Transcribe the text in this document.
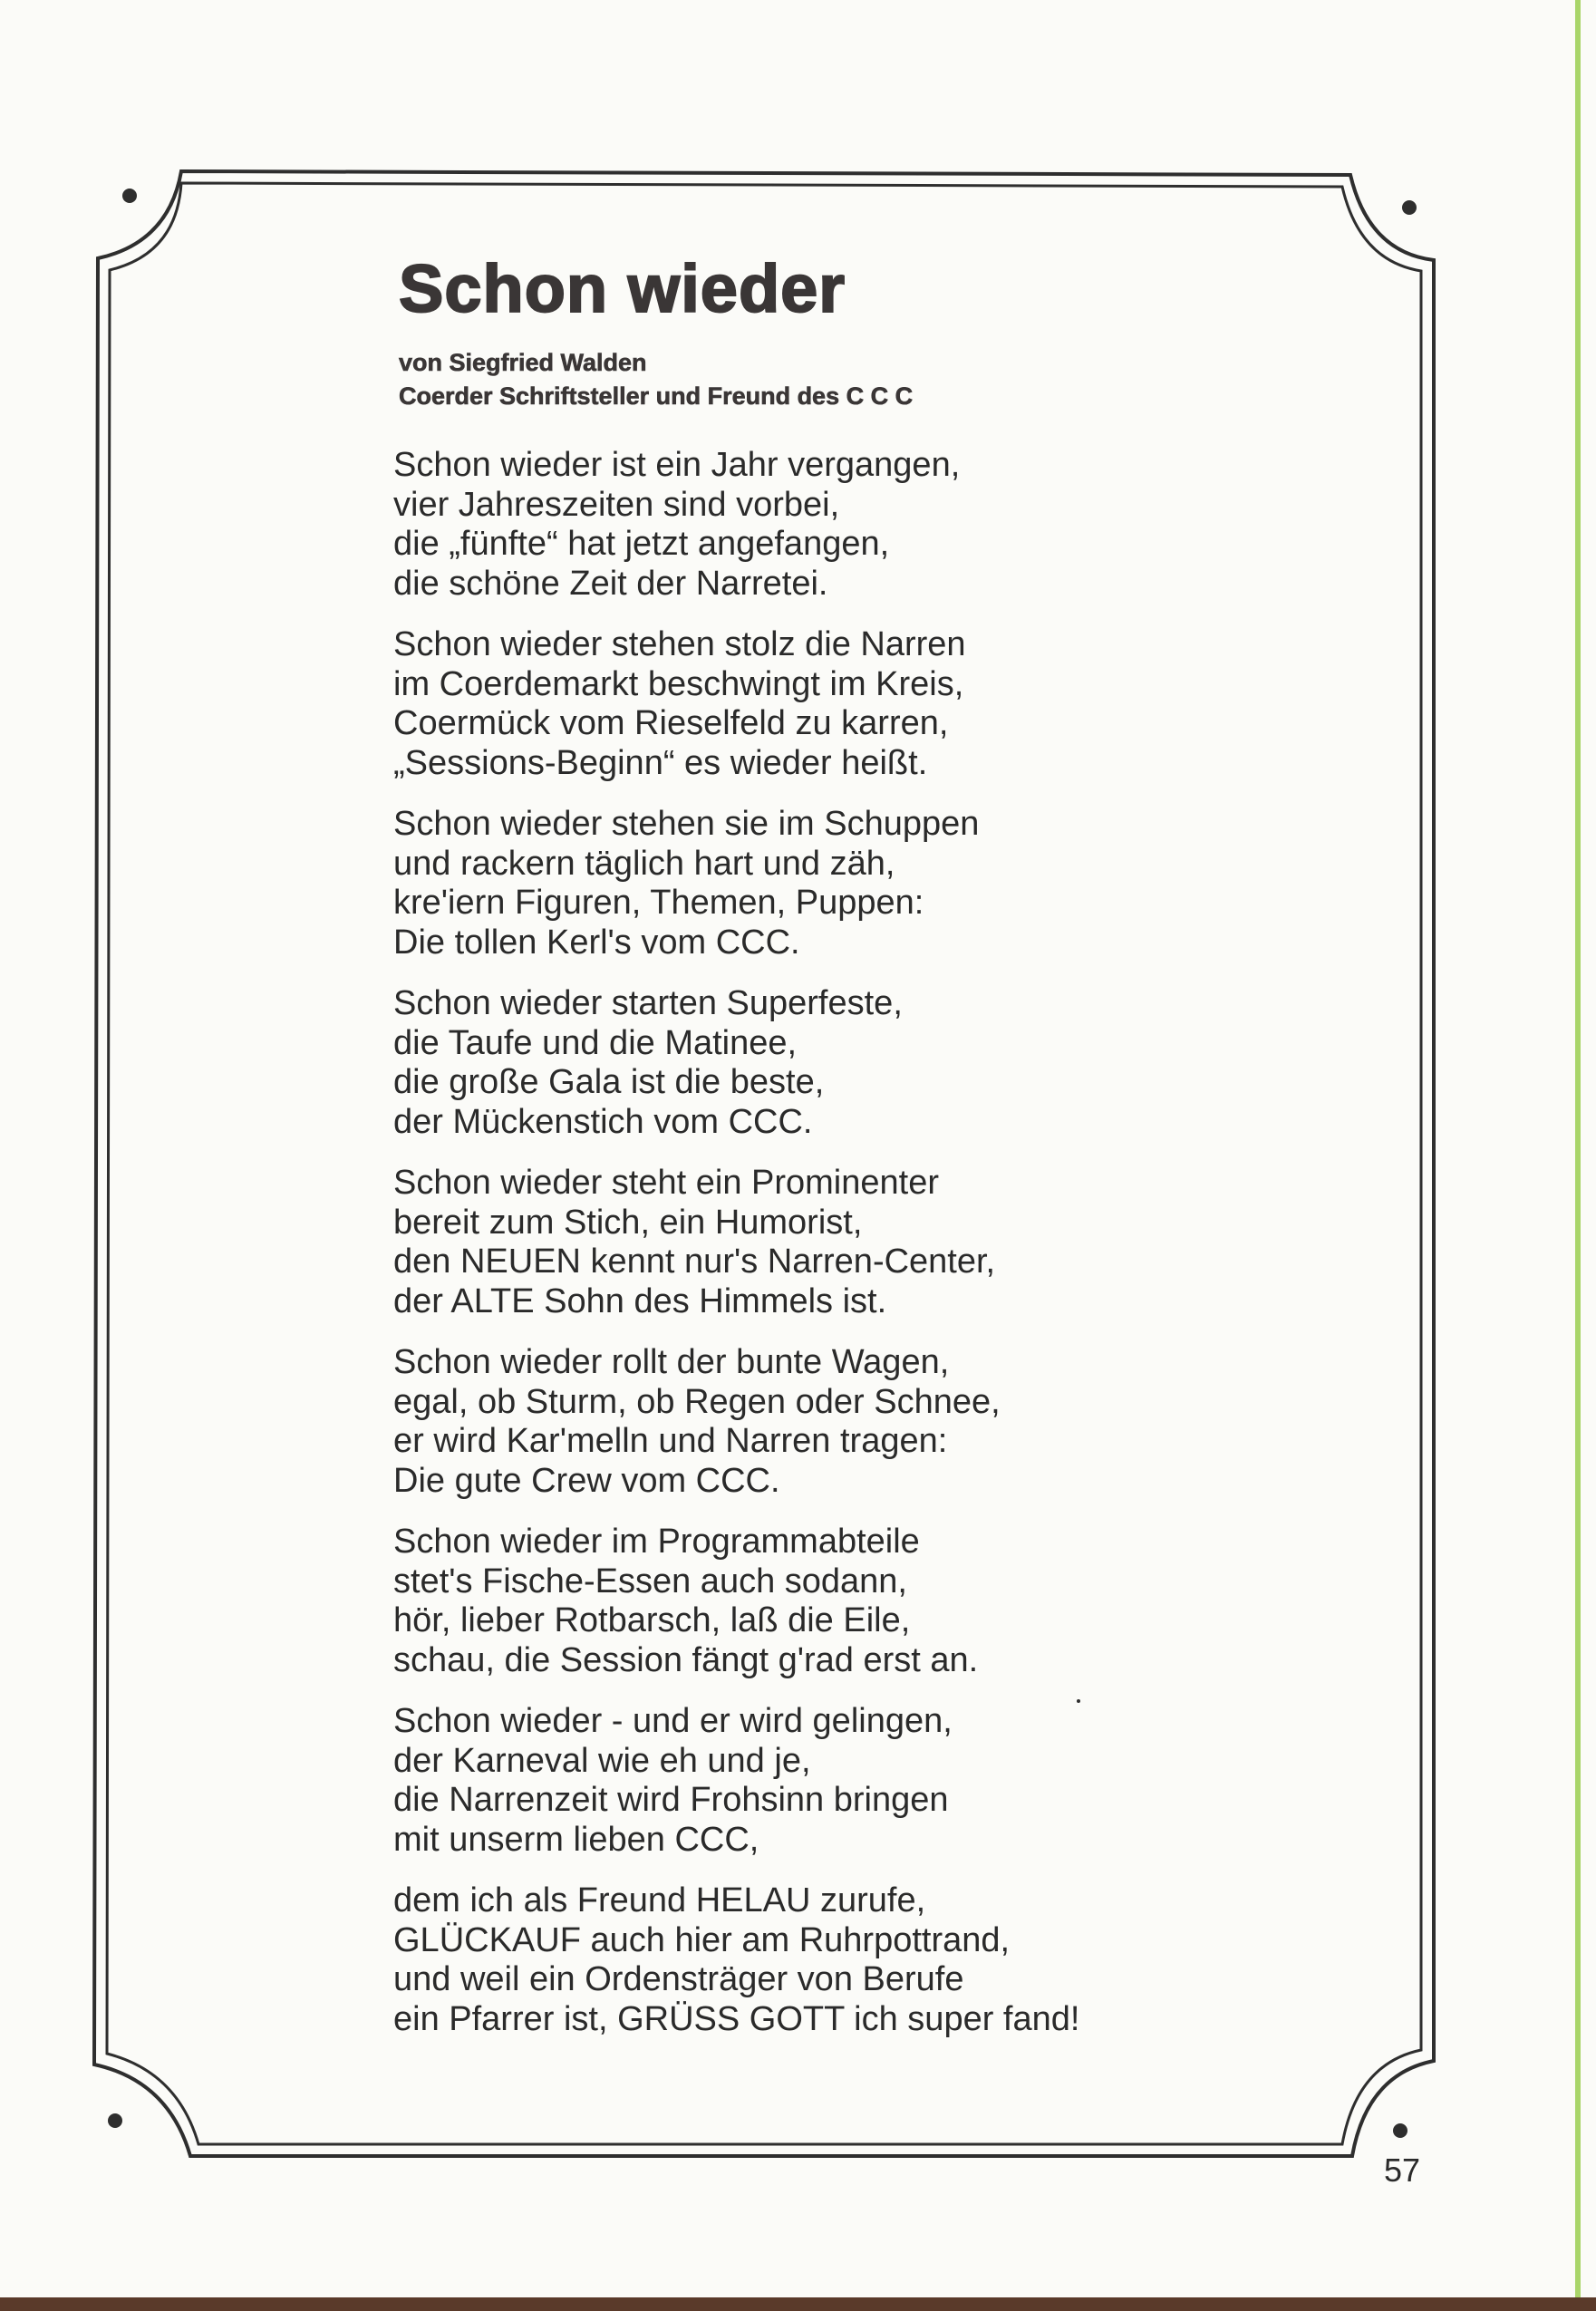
Schon wieder
von Siegfried Walden
Coerder Schriftsteller und Freund des C C C
Schon wieder ist ein Jahr vergangen,
vier Jahreszeiten sind vorbei,
die „fünfte“ hat jetzt angefangen,
die schöne Zeit der Narretei.
Schon wieder stehen stolz die Narren
im Coerdemarkt beschwingt im Kreis,
Coermück vom Rieselfeld zu karren,
„Sessions-Beginn“ es wieder heißt.
Schon wieder stehen sie im Schuppen
und rackern täglich hart und zäh,
kre'iern Figuren, Themen, Puppen:
Die tollen Kerl's vom CCC.
Schon wieder starten Superfeste,
die Taufe und die Matinee,
die große Gala ist die beste,
der Mückenstich vom CCC.
Schon wieder steht ein Prominenter
bereit zum Stich, ein Humorist,
den NEUEN kennt nur's Narren-Center,
der ALTE Sohn des Himmels ist.
Schon wieder rollt der bunte Wagen,
egal, ob Sturm, ob Regen oder Schnee,
er wird Kar'melln und Narren tragen:
Die gute Crew vom CCC.
Schon wieder im Programmabteile
stet's Fische-Essen auch sodann,
hör, lieber Rotbarsch, laß die Eile,
schau, die Session fängt g'rad erst an.
Schon wieder - und er wird gelingen,
der Karneval wie eh und je,
die Narrenzeit wird Frohsinn bringen
mit unserm lieben CCC,
dem ich als Freund HELAU zurufe,
GLÜCKAUF auch hier am Ruhrpottrand,
und weil ein Ordensträger von Berufe
ein Pfarrer ist, GRÜSS GOTT ich super fand!
57
